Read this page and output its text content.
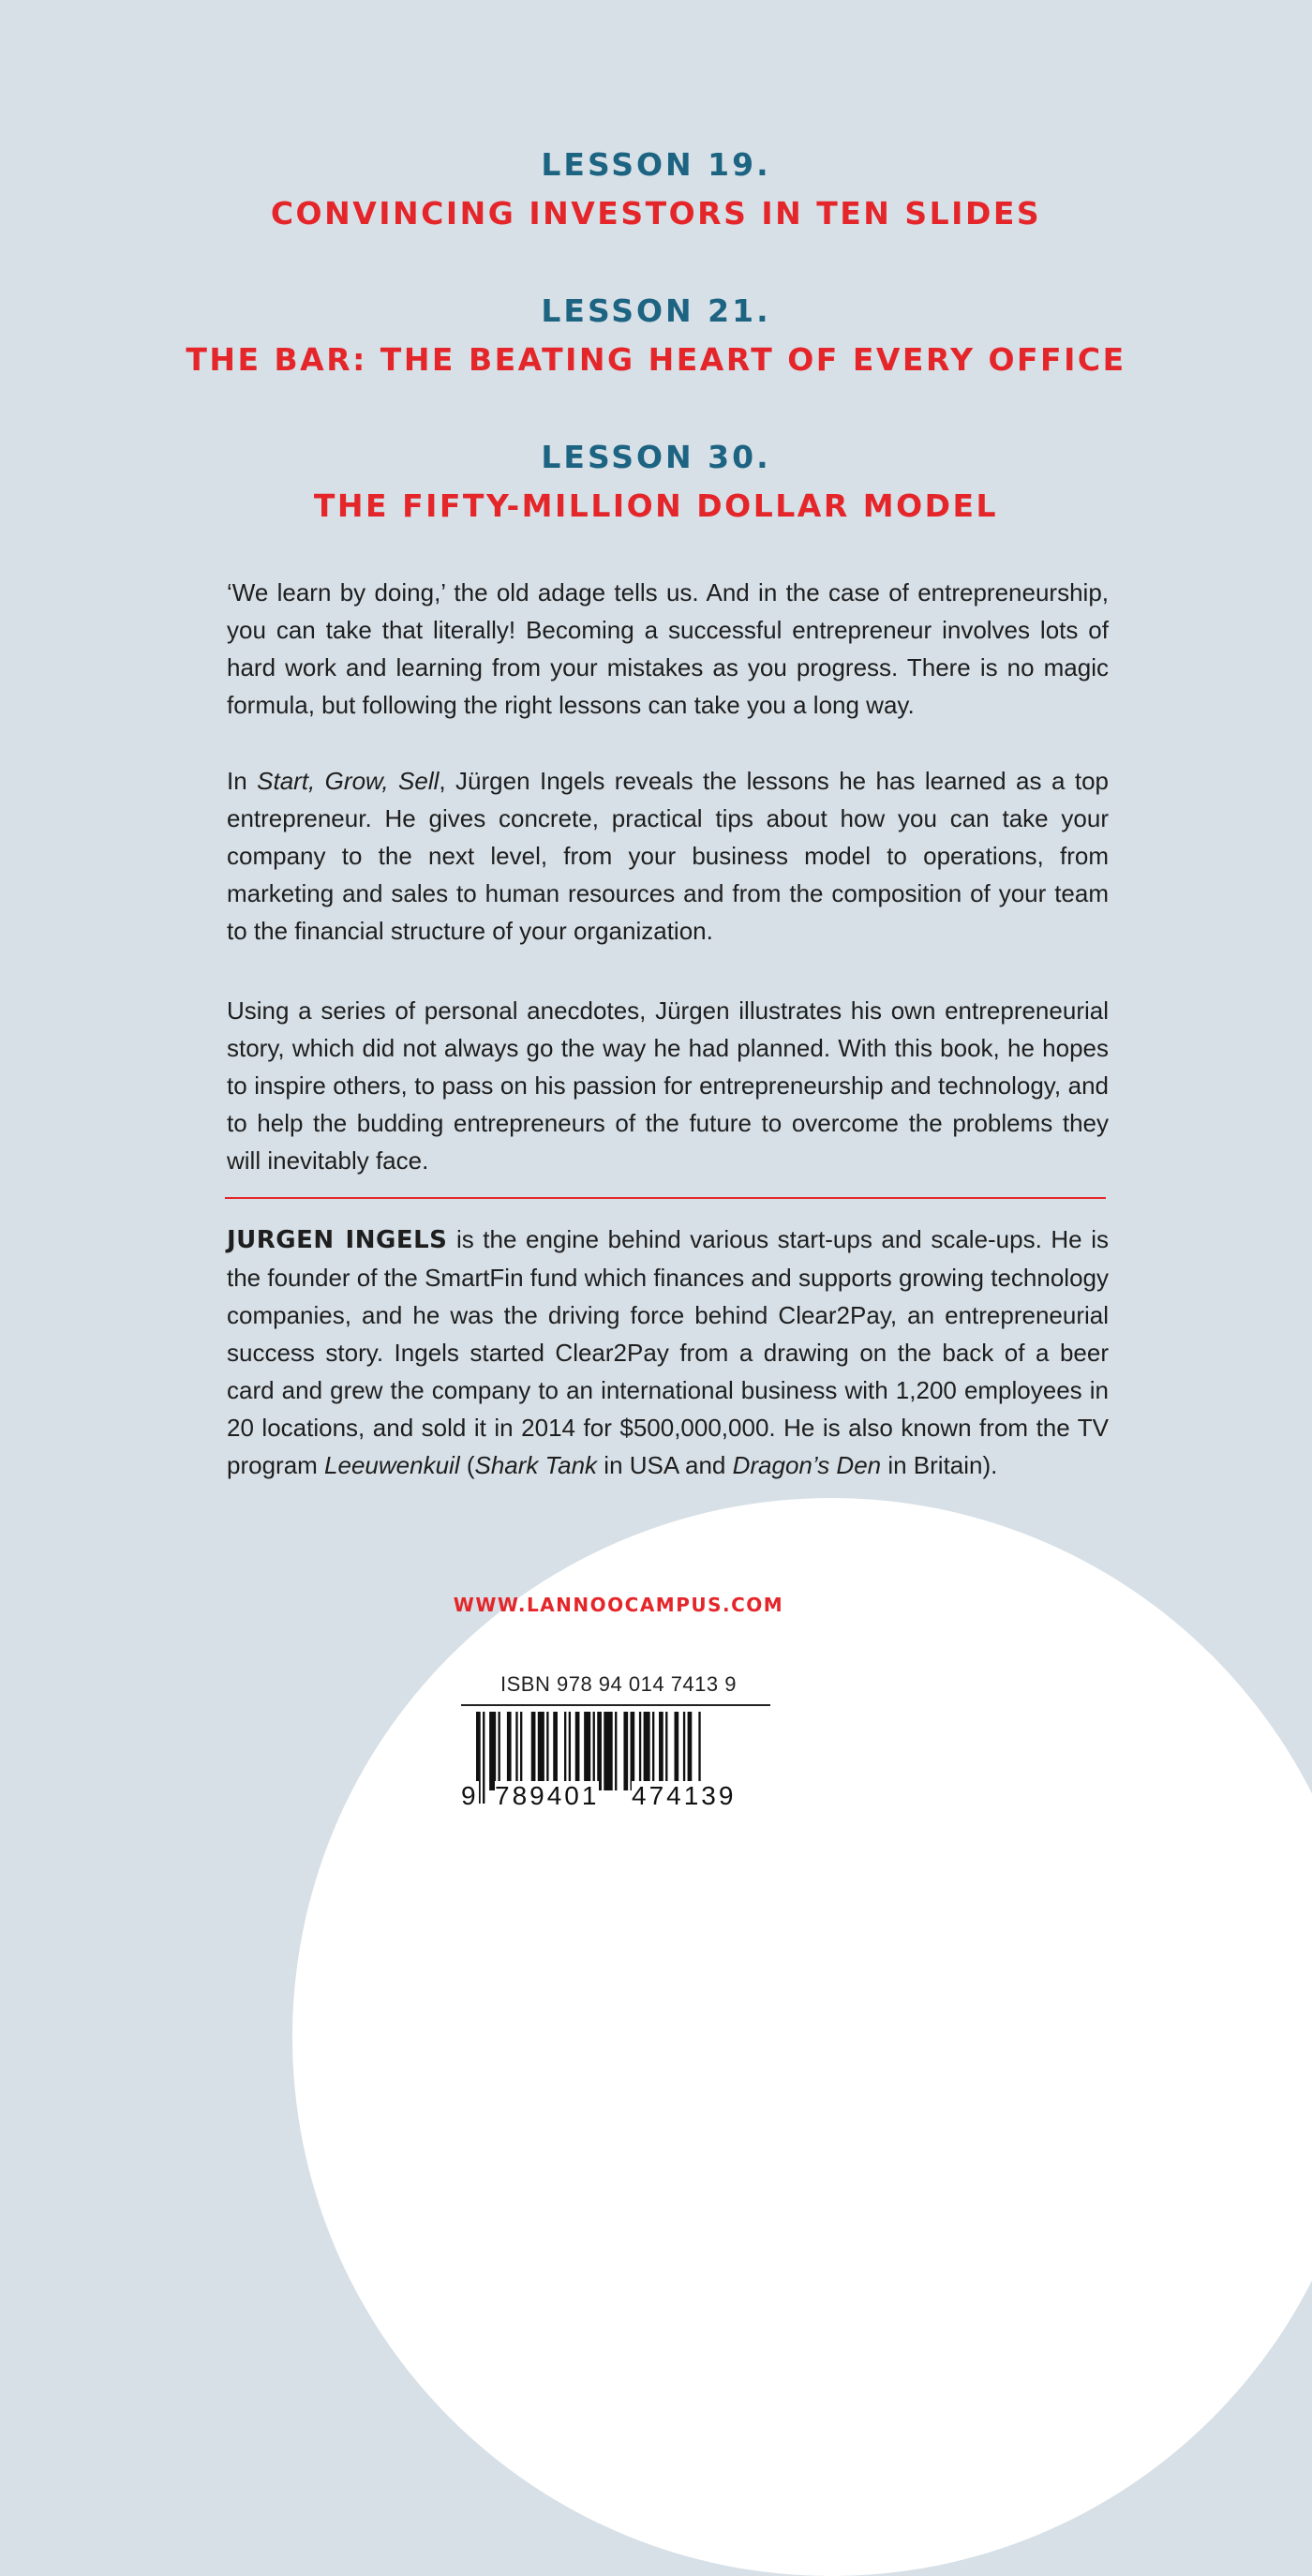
LESSON 19.
CONVINCING INVESTORS IN TEN SLIDES
LESSON 21.
THE BAR: THE BEATING HEART OF EVERY OFFICE
LESSON 30.
THE FIFTY-MILLION DOLLAR MODEL

‘We learn by doing,’ the old adage tells us. And in the case of entrepreneurship, you can take that literally! Becoming a successful entrepreneur involves lots of hard work and learning from your mistakes as you progress. There is no magic formula, but following the right lessons can take you a long way.

In Start, Grow, Sell, Jürgen Ingels reveals the lessons he has learned as a top entrepreneur. He gives concrete, practical tips about how you can take your company to the next level, from your business model to operations, from marketing and sales to human resources and from the composition of your team to the financial structure of your organization.

Using a series of personal anecdotes, Jürgen illustrates his own entrepreneurial story, which did not always go the way he had planned. With this book, he hopes to inspire others, to pass on his passion for entrepreneurship and technology, and to help the budding entrepreneurs of the future to overcome the problems they will inevitably face.

JURGEN INGELS is the engine behind various start-ups and scale-ups. He is the founder of the SmartFin fund which finances and supports growing technology companies, and he was the driving force behind Clear2Pay, an entrepreneurial success story. Ingels started Clear2Pay from a drawing on the back of a beer card and grew the company to an international business with 1,200 employees in 20 locations, and sold it in 2014 for $500,000,000. He is also known from the TV program Leeuwenkuil (Shark Tank in USA and Dragon’s Den in Britain).

WWW.LANNOOCAMPUS.COM
ISBN 978 94 014 7413 9
9 789401 474139
